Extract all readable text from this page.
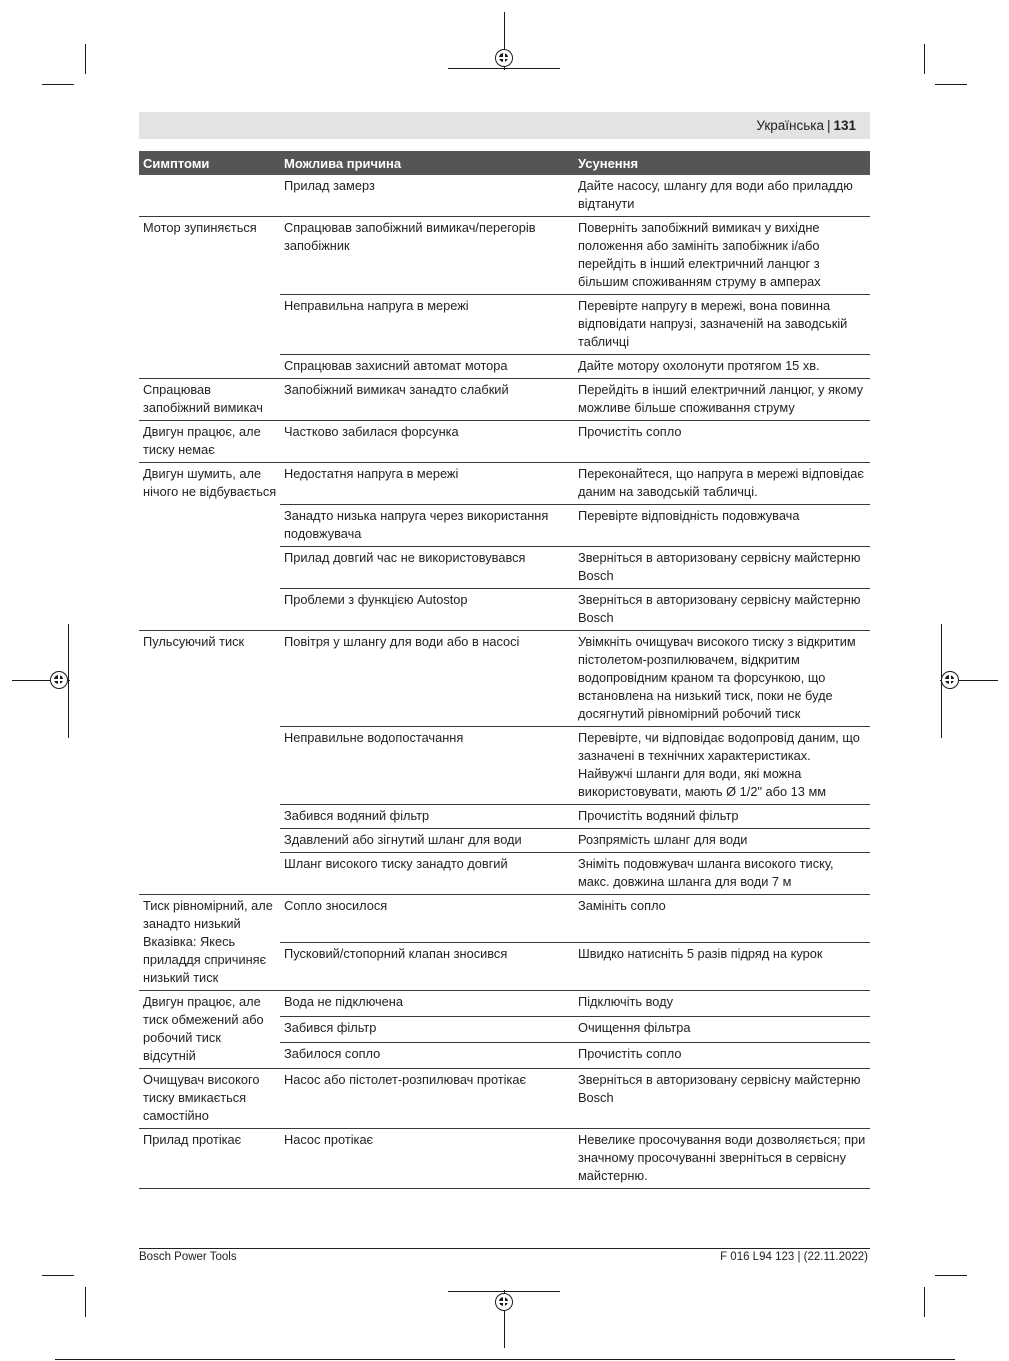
Українська | 131
Симптоми	Можлива причина	Усунення
	Прилад замерз	Дайте насосу, шлангу для води або приладдю відтанути
Мотор зупиняється	Спрацював запобіжний вимикач/перегорів запобіжник	Поверніть запобіжний вимикач у вихідне положення або замініть запобіжник і/або перейдіть в інший електричний ланцюг з більшим споживанням струму в амперах
	Неправильна напруга в мережі	Перевірте напругу в мережі, вона повинна відповідати напрузі, зазначеній на заводській табличці
	Спрацював захисний автомат мотора	Дайте мотору охолонути протягом 15 хв.
Спрацював запобіжний вимикач	Запобіжний вимикач занадто слабкий	Перейдіть в інший електричний ланцюг, у якому можливе більше споживання струму
Двигун працює, але тиску немає	Частково забилася форсунка	Прочистіть сопло
Двигун шумить, але нічого не відбувається	Недостатня напруга в мережі	Переконайтеся, що напруга в мережі відповідає даним на заводській табличці.
	Занадто низька напруга через використання подовжувача	Перевірте відповідність подовжувача
	Прилад довгий час не використовувався	Зверніться в авторизовану сервісну майстерню Bosch
	Проблеми з функцією Autostop	Зверніться в авторизовану сервісну майстерню Bosch
Пульсуючий тиск	Повітря у шлангу для води або в насосі	Увімкніть очищувач високого тиску з відкритим пістолетом-розпилювачем, відкритим водопровідним краном та форсункою, що встановлена на низький тиск, поки не буде досягнутий рівномірний робочий тиск
	Неправильне водопостачання	Перевірте, чи відповідає водопровід даним, що зазначені в технічних характеристиках. Найвужчі шланги для води, які можна використовувати, мають Ø 1/2" або 13 мм
	Забився водяний фільтр	Прочистіть водяний фільтр
	Здавлений або зігнутий шланг для води	Розпрямість шланг для води
	Шланг високого тиску занадто довгий	Зніміть подовжувач шланга високого тиску, макс. довжина шланга для води 7 м
Тиск рівномірний, але занадто низький Вказівка: Якесь приладдя спричиняє низький тиск	Сопло зносилося	Замініть сопло
	Пусковий/стопорний клапан зносився	Швидко натисніть 5 разів підряд на курок
Двигун працює, але тиск обмежений або робочий тиск відсутній	Вода не підключена	Підключіть воду
	Забився фільтр	Очищення фільтра
	Забилося сопло	Прочистіть сопло
Очищувач високого тиску вмикається самостійно	Насос або пістолет-розпилювач протікає	Зверніться в авторизовану сервісну майстерню Bosch
Прилад протікає	Насос протікає	Невелике просочування води дозволяється; при значному просочуванні зверніться в сервісну майстерню.
Bosch Power Tools	F 016 L94 123 | (22.11.2022)
